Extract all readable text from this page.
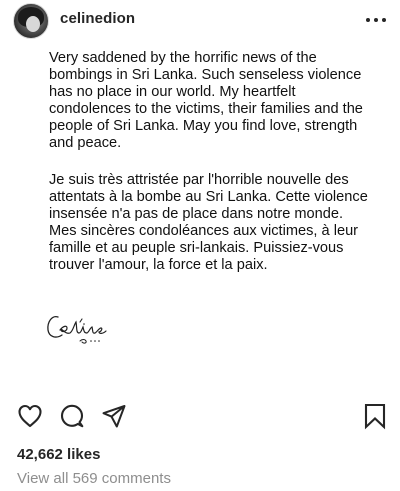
celinedion

Very saddened by the horrific news of the bombings in Sri Lanka. Such senseless violence has no place in our world. My heartfelt condolences to the victims, their families and the people of Sri Lanka. May you find love, strength and peace.

Je suis très attristée par l'horrible nouvelle des attentats à la bombe au Sri Lanka. Cette violence insensée n'a pas de place dans notre monde. Mes sincères condoléances aux victimes, à leur famille et au peuple sri-lankais. Puissiez-vous trouver l'amour, la force et la paix.

42,662 likes
View all 569 comments
